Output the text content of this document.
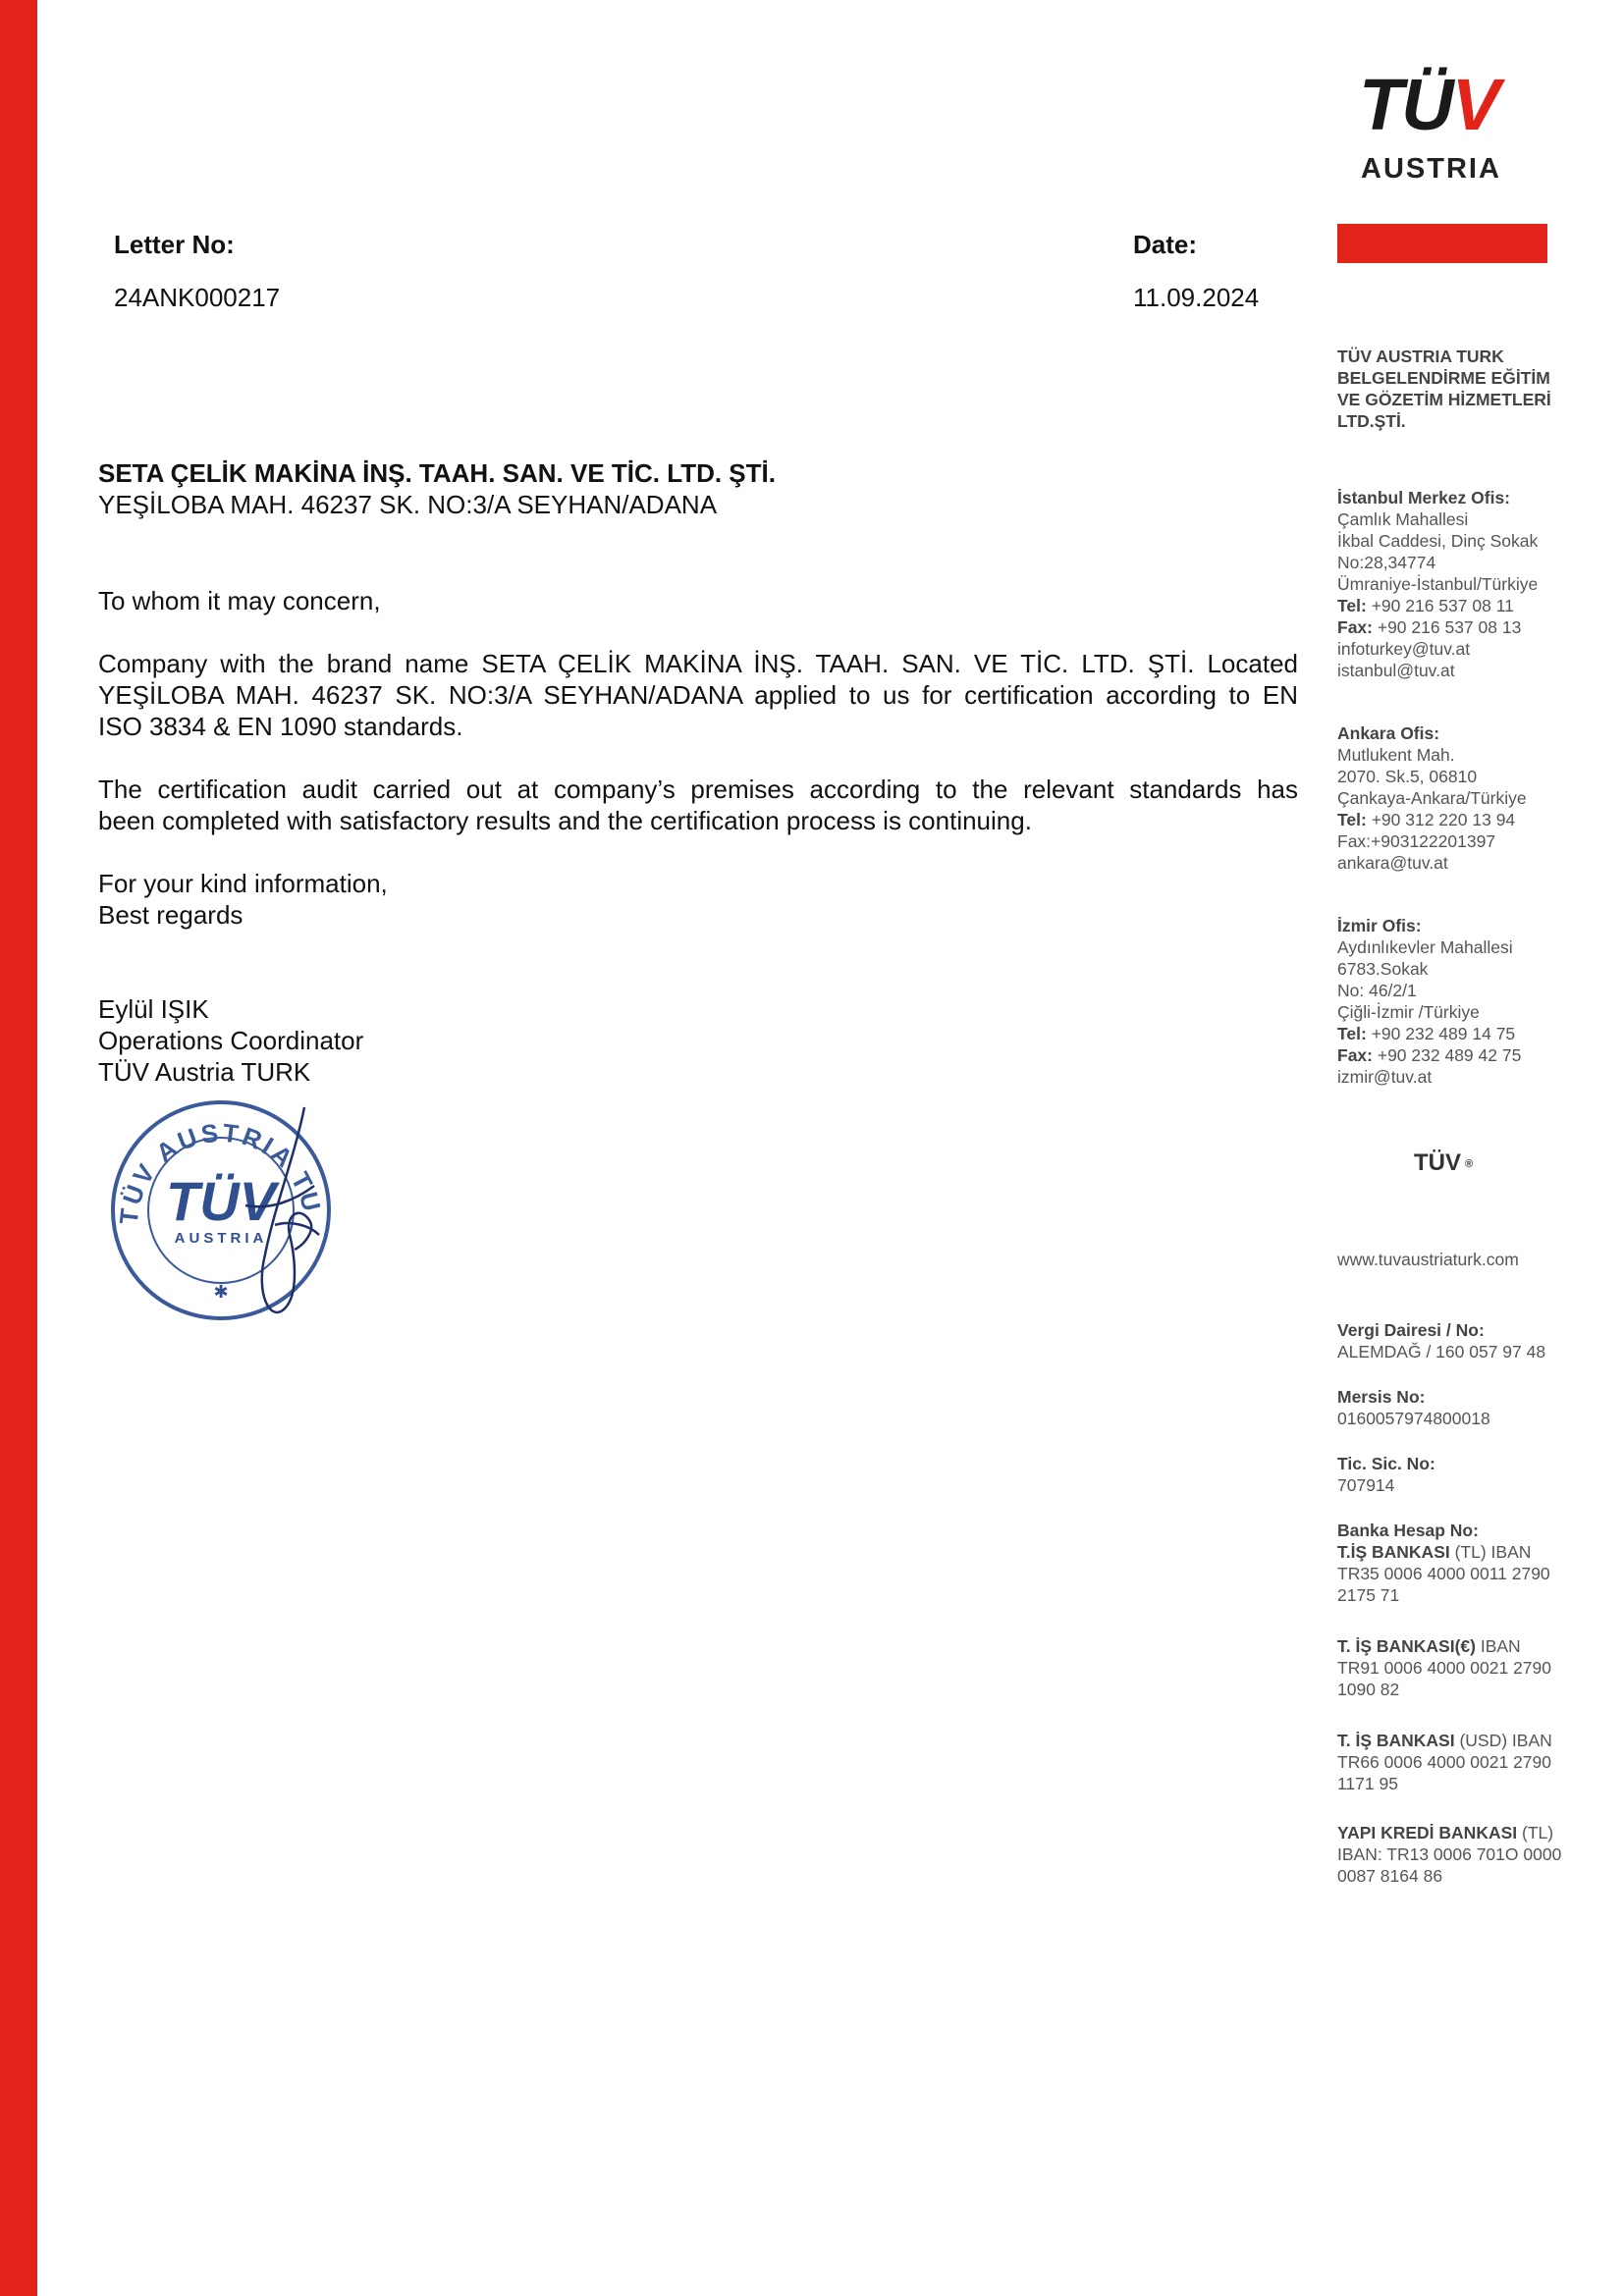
TÜV
AUSTRIA
Letter No:
24ANK000217
Date:
11.09.2024
SETA ÇELİK MAKİNA İNŞ. TAAH. SAN. VE TİC. LTD. ŞTİ.
YEŞİLOBA MAH. 46237 SK. NO:3/A SEYHAN/ADANA
To whom it may concern,
Company with the brand name SETA ÇELİK MAKİNA İNŞ. TAAH. SAN. VE TİC. LTD. ŞTİ. Located
YEŞİLOBA MAH. 46237 SK. NO:3/A SEYHAN/ADANA applied to us for certification according to EN
ISO 3834 & EN 1090 standards.
The certification audit carried out at company’s premises according to the relevant standards has
been completed with satisfactory results and the certification process is continuing.
For your kind information,
Best regards
Eylül IŞIK
Operations Coordinator
TÜV Austria TURK
TÜV AUSTRIA TU
TÜV
AUSTRIA
✱
TÜV AUSTRIA TURK
BELGELENDİRME EĞİTİM
VE GÖZETİM HİZMETLERİ
LTD.ŞTİ.
İstanbul Merkez Ofis:
Çamlık Mahallesi
İkbal Caddesi, Dinç Sokak
No:28,34774
Ümraniye-İstanbul/Türkiye
Tel: +90 216 537 08 11
Fax: +90 216 537 08 13
infoturkey@tuv.at
istanbul@tuv.at
Ankara Ofis:
Mutlukent Mah.
2070. Sk.5, 06810
Çankaya-Ankara/Türkiye
Tel: +90 312 220 13 94
Fax:+903122201397
ankara@tuv.at
İzmir Ofis:
Aydınlıkevler Mahallesi
6783.Sokak
No: 46/2/1
Çiğli-İzmir /Türkiye
Tel: +90 232 489 14 75
Fax: +90 232 489 42 75
izmir@tuv.at
TÜV ®
www.tuvaustriaturk.com
Vergi Dairesi / No:
ALEMDAĞ / 160 057 97 48
Mersis No:
0160057974800018
Tic. Sic. No:
707914
Banka Hesap No:
T.İŞ BANKASI (TL) IBAN
TR35 0006 4000 0011 2790
2175 71
T. İŞ BANKASI(€) IBAN
TR91 0006 4000 0021 2790
1090 82
T. İŞ BANKASI (USD) IBAN
TR66 0006 4000 0021 2790
1171 95
YAPI KREDİ BANKASI (TL)
IBAN: TR13 0006 701O 0000
0087 8164 86
